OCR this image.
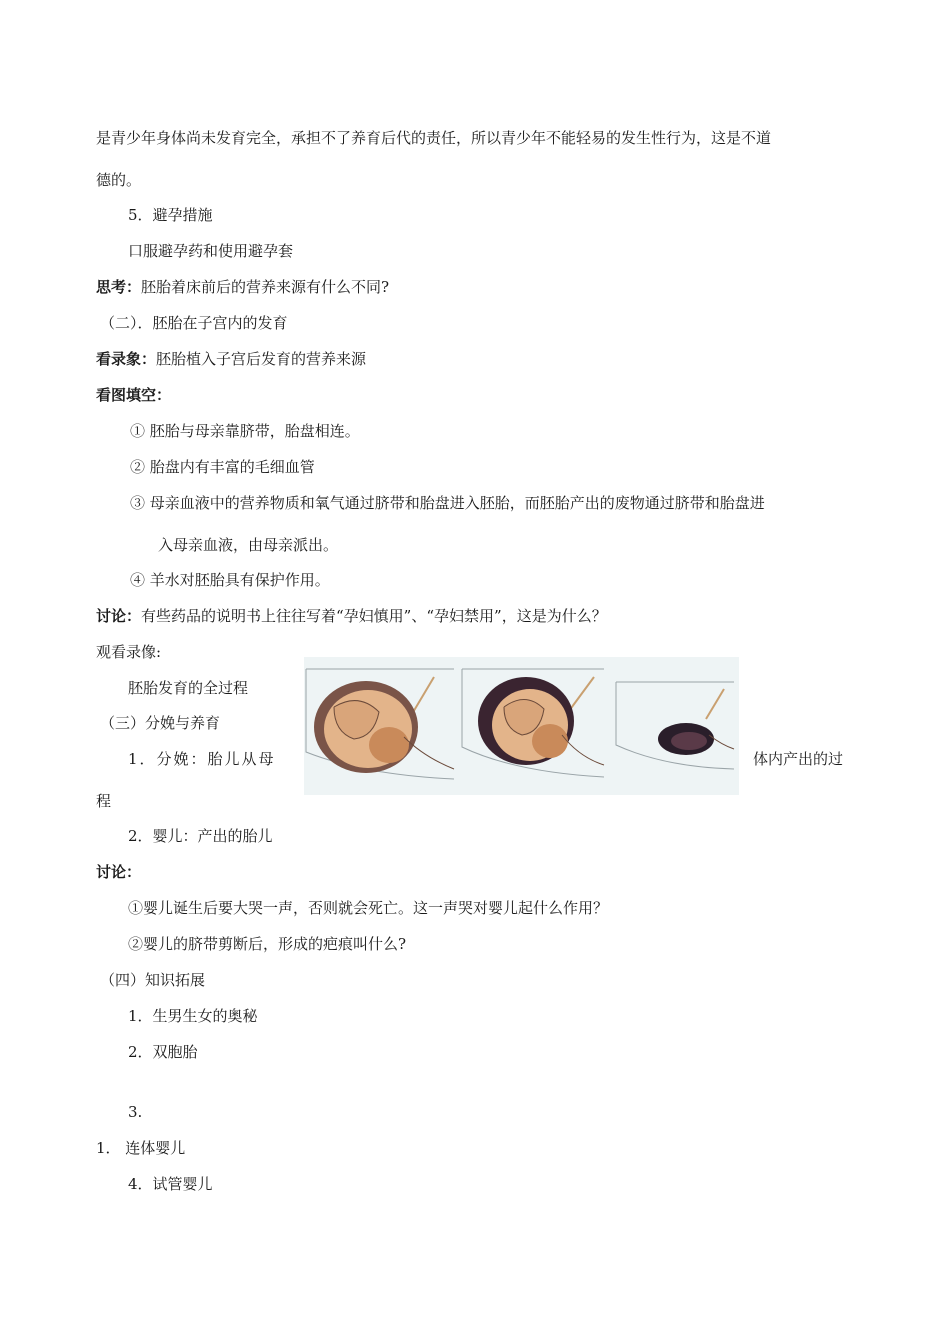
是青少年身体尚未发育完全，承担不了养育后代的责任，所以青少年不能轻易的发生性行为，这是不道
德的。
5．避孕措施
口服避孕药和使用避孕套
思考：胚胎着床前后的营养来源有什么不同?
（二）．胚胎在子宫内的发育
看录象：胚胎植入子宫后发育的营养来源
看图填空：
① 胚胎与母亲靠脐带，胎盘相连。
② 胎盘内有丰富的毛细血管
③ 母亲血液中的营养物质和氧气通过脐带和胎盘进入胚胎，而胚胎产出的废物通过脐带和胎盘进
入母亲血液，由母亲派出。
④ 羊水对胚胎具有保护作用。
讨论：有些药品的说明书上往往写着“孕妇慎用”、“孕妇禁用”，这是为什么？
观看录像:
胚胎发育的全过程
（三）分娩与养育
1．分娩：胎儿从母	体内产出的过
程
2．婴儿：产出的胎儿
讨论：
①婴儿诞生后要大哭一声，否则就会死亡。这一声哭对婴儿起什么作用？
②婴儿的脐带剪断后，形成的疤痕叫什么?
（四）知识拓展
1．生男生女的奥秘
2．双胞胎
3.
1． 连体婴儿
4．试管婴儿
